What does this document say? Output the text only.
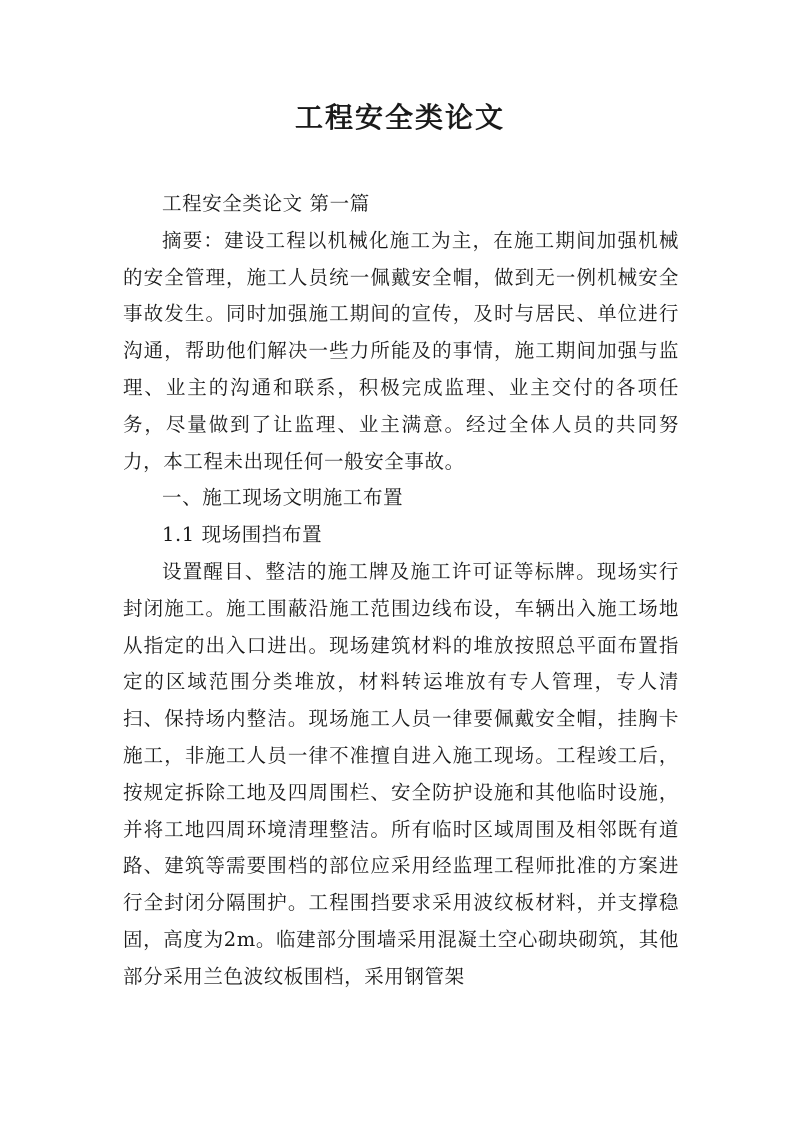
工程安全类论文

工程安全类论文 第一篇

摘要：建设工程以机械化施工为主，在施工期间加强机械的安全管理，施工人员统一佩戴安全帽，做到无一例机械安全事故发生。同时加强施工期间的宣传，及时与居民、单位进行沟通，帮助他们解决一些力所能及的事情，施工期间加强与监理、业主的沟通和联系，积极完成监理、业主交付的各项任务，尽量做到了让监理、业主满意。经过全体人员的共同努力，本工程未出现任何一般安全事故。

一、施工现场文明施工布置

1.1 现场围挡布置

设置醒目、整洁的施工牌及施工许可证等标牌。现场实行封闭施工。施工围蔽沿施工范围边线布设，车辆出入施工场地从指定的出入口进出。现场建筑材料的堆放按照总平面布置指定的区域范围分类堆放，材料转运堆放有专人管理，专人清扫、保持场内整洁。现场施工人员一律要佩戴安全帽，挂胸卡施工，非施工人员一律不准擅自进入施工现场。工程竣工后，按规定拆除工地及四周围栏、安全防护设施和其他临时设施，并将工地四周环境清理整洁。所有临时区域周围及相邻既有道路、建筑等需要围档的部位应采用经监理工程师批准的方案进行全封闭分隔围护。工程围挡要求采用波纹板材料，并支撑稳固，高度为2m。临建部分围墙采用混凝土空心砌块砌筑，其他部分采用兰色波纹板围档，采用钢管架
